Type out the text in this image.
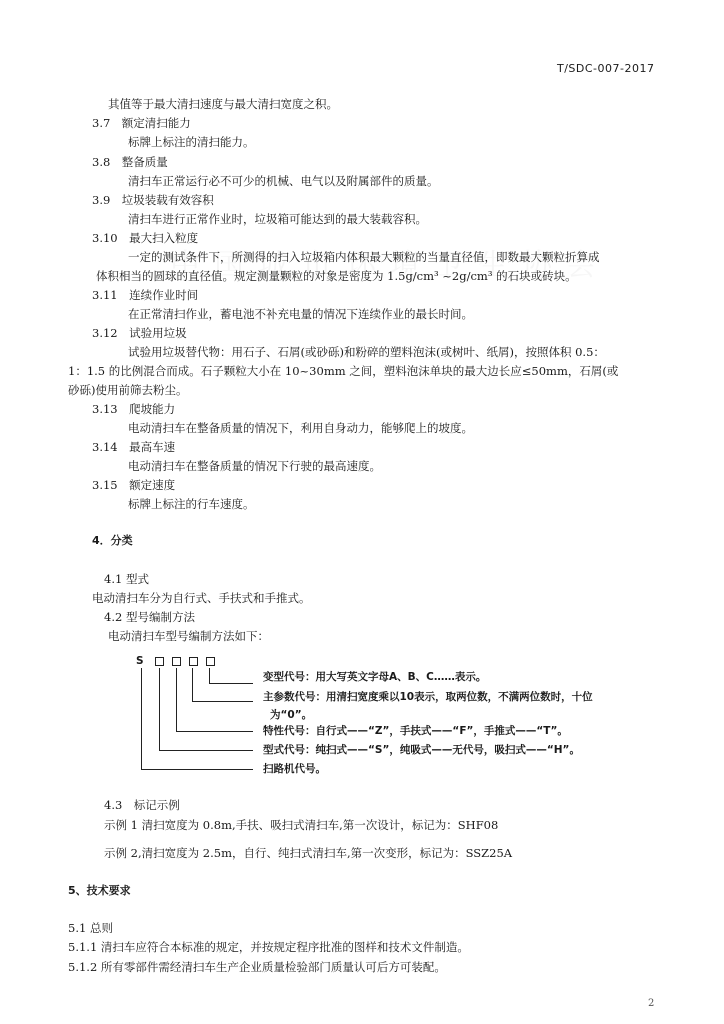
T/SDC-007-2017
其值等于最大清扫速度与最大清扫宽度之积。
3.7　额定清扫能力
标牌上标注的清扫能力。
3.8　整备质量
清扫车正常运行必不可少的机械、电气以及附属部件的质量。
3.9　垃圾装载有效容积
清扫车进行正常作业时，垃圾箱可能达到的最大装载容积。
3.10　最大扫入粒度
一定的测试条件下，所测得的扫入垃圾箱内体积最大颗粒的当量直径值，即数最大颗粒折算成
体积相当的圆球的直径值。规定测量颗粒的对象是密度为 1.5g/cm³ ~2g/cm³ 的石块或砖块。
3.11　连续作业时间
在正常清扫作业，蓄电池不补充电量的情况下连续作业的最长时间。
3.12　试验用垃圾
试验用垃圾替代物：用石子、石屑(或砂砾)和粉碎的塑料泡沫(或树叶、纸屑)，按照体积 0.5：
1：1.5 的比例混合而成。石子颗粒大小在 10~30mm 之间，塑料泡沫单块的最大边长应≤50mm，石屑(或
砂砾)使用前筛去粉尘。
3.13　爬坡能力
电动清扫车在整备质量的情况下，利用自身动力，能够爬上的坡度。
3.14　最高车速
电动清扫车在整备质量的情况下行驶的最高速度。
3.15　额定速度
标牌上标注的行车速度。
4．分类
4.1 型式
电动清扫车分为自行式、手扶式和手推式。
4.2 型号编制方法
电动清扫车型号编制方法如下：
S
变型代号：用大写英文字母A、B、C……表示。
主参数代号：用清扫宽度乘以10表示，取两位数，不满两位数时，十位
为“0”。
特性代号：自行式——“Z”，手扶式——“F”，手推式——“T”。
型式代号：纯扫式——“S”，纯吸式——无代号，吸扫式——“H”。
扫路机代号。
4.3　标记示例
示例 1 清扫宽度为 0.8m,手扶、吸扫式清扫车,第一次设计，标记为：SHF08
示例 2,清扫宽度为 2.5m，自行、纯扫式清扫车,第一次变形，标记为：SSZ25A
5、技术要求
5.1 总则
5.1.1 清扫车应符合本标准的规定，并按规定程序批准的图样和技术文件制造。
5.1.2 所有零部件需经清扫车生产企业质量检验部门质量认可后方可装配。
2
